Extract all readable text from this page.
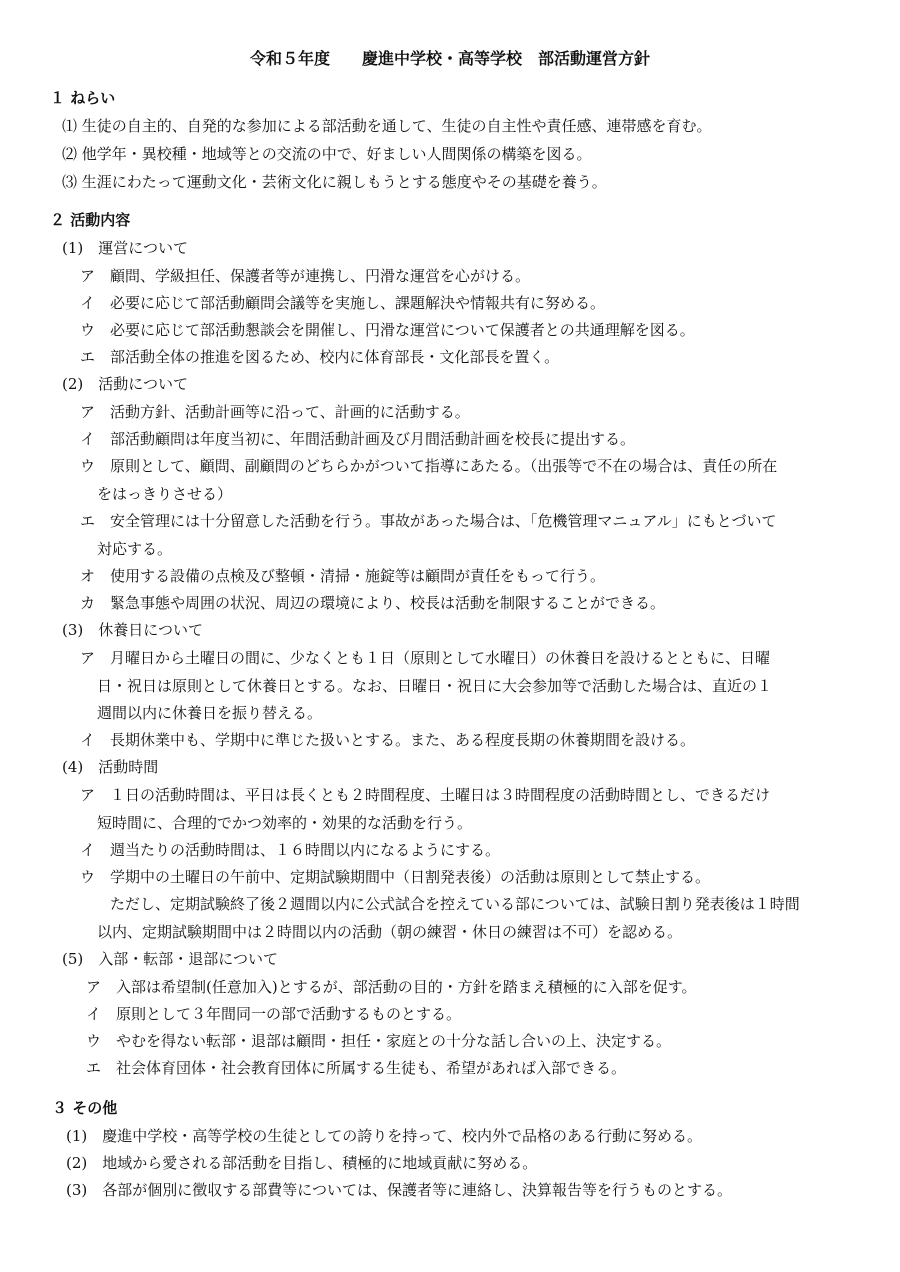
令和５年度　　慶進中学校・高等学校　部活動運営方針
１ ねらい
⑴ 生徒の自主的、自発的な参加による部活動を通して、生徒の自主性や責任感、連帯感を育む。
⑵ 他学年・異校種・地域等との交流の中で、好ましい人間関係の構築を図る。
⑶ 生涯にわたって運動文化・芸術文化に親しもうとする態度やその基礎を養う。
２ 活動内容
(1)　運営について
ア　顧問、学級担任、保護者等が連携し、円滑な運営を心がける。
イ　必要に応じて部活動顧問会議等を実施し、課題解決や情報共有に努める。
ウ　必要に応じて部活動懇談会を開催し、円滑な運営について保護者との共通理解を図る。
エ　部活動全体の推進を図るため、校内に体育部長・文化部長を置く。
(2)　活動について
ア　活動方針、活動計画等に沿って、計画的に活動する。
イ　部活動顧問は年度当初に、年間活動計画及び月間活動計画を校長に提出する。
ウ　原則として、顧問、副顧問のどちらかがついて指導にあたる。（出張等で不在の場合は、責任の所在
をはっきりさせる）
エ　安全管理には十分留意した活動を行う。事故があった場合は、「危機管理マニュアル」にもとづいて
対応する。
オ　使用する設備の点検及び整頓・清掃・施錠等は顧問が責任をもって行う。
カ　緊急事態や周囲の状況、周辺の環境により、校長は活動を制限することができる。
(3)　休養日について
ア　月曜日から土曜日の間に、少なくとも１日（原則として水曜日）の休養日を設けるとともに、日曜
日・祝日は原則として休養日とする。なお、日曜日・祝日に大会参加等で活動した場合は、直近の１
週間以内に休養日を振り替える。
イ　長期休業中も、学期中に準じた扱いとする。また、ある程度長期の休養期間を設ける。
(4)　活動時間
ア　１日の活動時間は、平日は長くとも２時間程度、土曜日は３時間程度の活動時間とし、できるだけ
短時間に、合理的でかつ効率的・効果的な活動を行う。
イ　週当たりの活動時間は、１６時間以内になるようにする。
ウ　学期中の土曜日の午前中、定期試験期間中（日割発表後）の活動は原則として禁止する。
ただし、定期試験終了後２週間以内に公式試合を控えている部については、試験日割り発表後は１時間
以内、定期試験期間中は２時間以内の活動（朝の練習・休日の練習は不可）を認める。
(5)　入部・転部・退部について
ア　入部は希望制(任意加入)とするが、部活動の目的・方針を踏まえ積極的に入部を促す。
イ　原則として３年間同一の部で活動するものとする。
ウ　やむを得ない転部・退部は顧問・担任・家庭との十分な話し合いの上、決定する。
エ　社会体育団体・社会教育団体に所属する生徒も、希望があれば入部できる。
３ その他
(1)　慶進中学校・高等学校の生徒としての誇りを持って、校内外で品格のある行動に努める。
(2)　地域から愛される部活動を目指し、積極的に地域貢献に努める。
(3)　各部が個別に徴収する部費等については、保護者等に連絡し、決算報告等を行うものとする。
